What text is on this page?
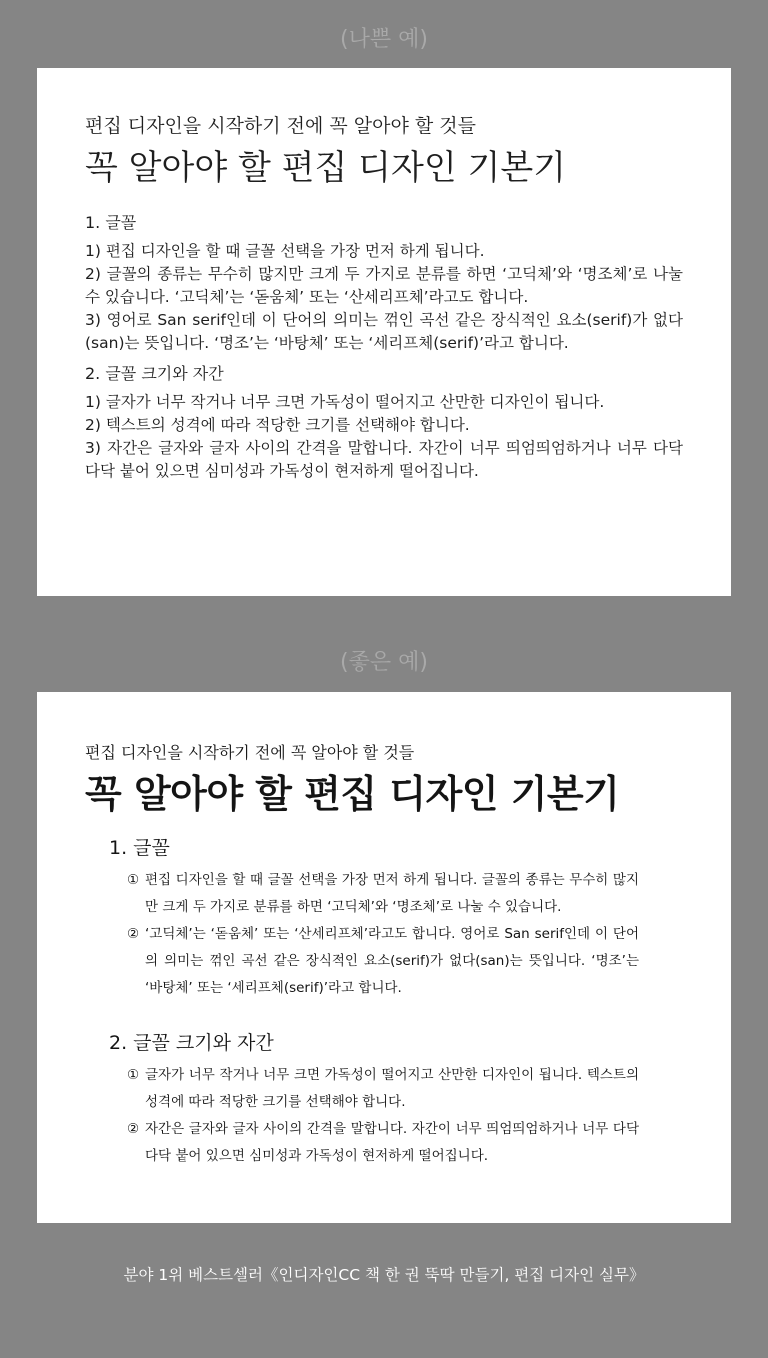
(나쁜 예)
편집 디자인을 시작하기 전에 꼭 알아야 할 것들
꼭 알아야 할 편집 디자인 기본기
1. 글꼴
1) 편집 디자인을 할 때 글꼴 선택을 가장 먼저 하게 됩니다.
2) 글꼴의 종류는 무수히 많지만 크게 두 가지로 분류를 하면 ‘고딕체’와 ‘명조체’로 나눌 수 있습니다. ‘고딕체’는 ‘돋움체’ 또는 ‘산세리프체’라고도 합니다.
3) 영어로 San serif인데 이 단어의 의미는 꺾인 곡선 같은 장식적인 요소(serif)가 없다(san)는 뜻입니다. ‘명조’는 ‘바탕체’ 또는 ‘세리프체(serif)’라고 합니다.
2. 글꼴 크기와 자간
1) 글자가 너무 작거나 너무 크면 가독성이 떨어지고 산만한 디자인이 됩니다.
2) 텍스트의 성격에 따라 적당한 크기를 선택해야 합니다.
3) 자간은 글자와 글자 사이의 간격을 말합니다. 자간이 너무 띄엄띄엄하거나 너무 다닥다닥 붙어 있으면 심미성과 가독성이 현저하게 떨어집니다.
(좋은 예)
편집 디자인을 시작하기 전에 꼭 알아야 할 것들
꼭 알아야 할 편집 디자인 기본기
1. 글꼴
① 편집 디자인을 할 때 글꼴 선택을 가장 먼저 하게 됩니다. 글꼴의 종류는 무수히 많지만 크게 두 가지로 분류를 하면 ‘고딕체’와 ‘명조체’로 나눌 수 있습니다.
② ‘고딕체’는 ‘돋움체’ 또는 ‘산세리프체’라고도 합니다. 영어로 San serif인데 이 단어의 의미는 꺾인 곡선 같은 장식적인 요소(serif)가 없다(san)는 뜻입니다. ‘명조’는 ‘바탕체’ 또는 ‘세리프체(serif)’라고 합니다.
2. 글꼴 크기와 자간
① 글자가 너무 작거나 너무 크면 가독성이 떨어지고 산만한 디자인이 됩니다. 텍스트의 성격에 따라 적당한 크기를 선택해야 합니다.
② 자간은 글자와 글자 사이의 간격을 말합니다. 자간이 너무 띄엄띄엄하거나 너무 다닥다닥 붙어 있으면 심미성과 가독성이 현저하게 떨어집니다.
분야 1위 베스트셀러《인디자인CC 책 한 권 뚝딱 만들기, 편집 디자인 실무》
